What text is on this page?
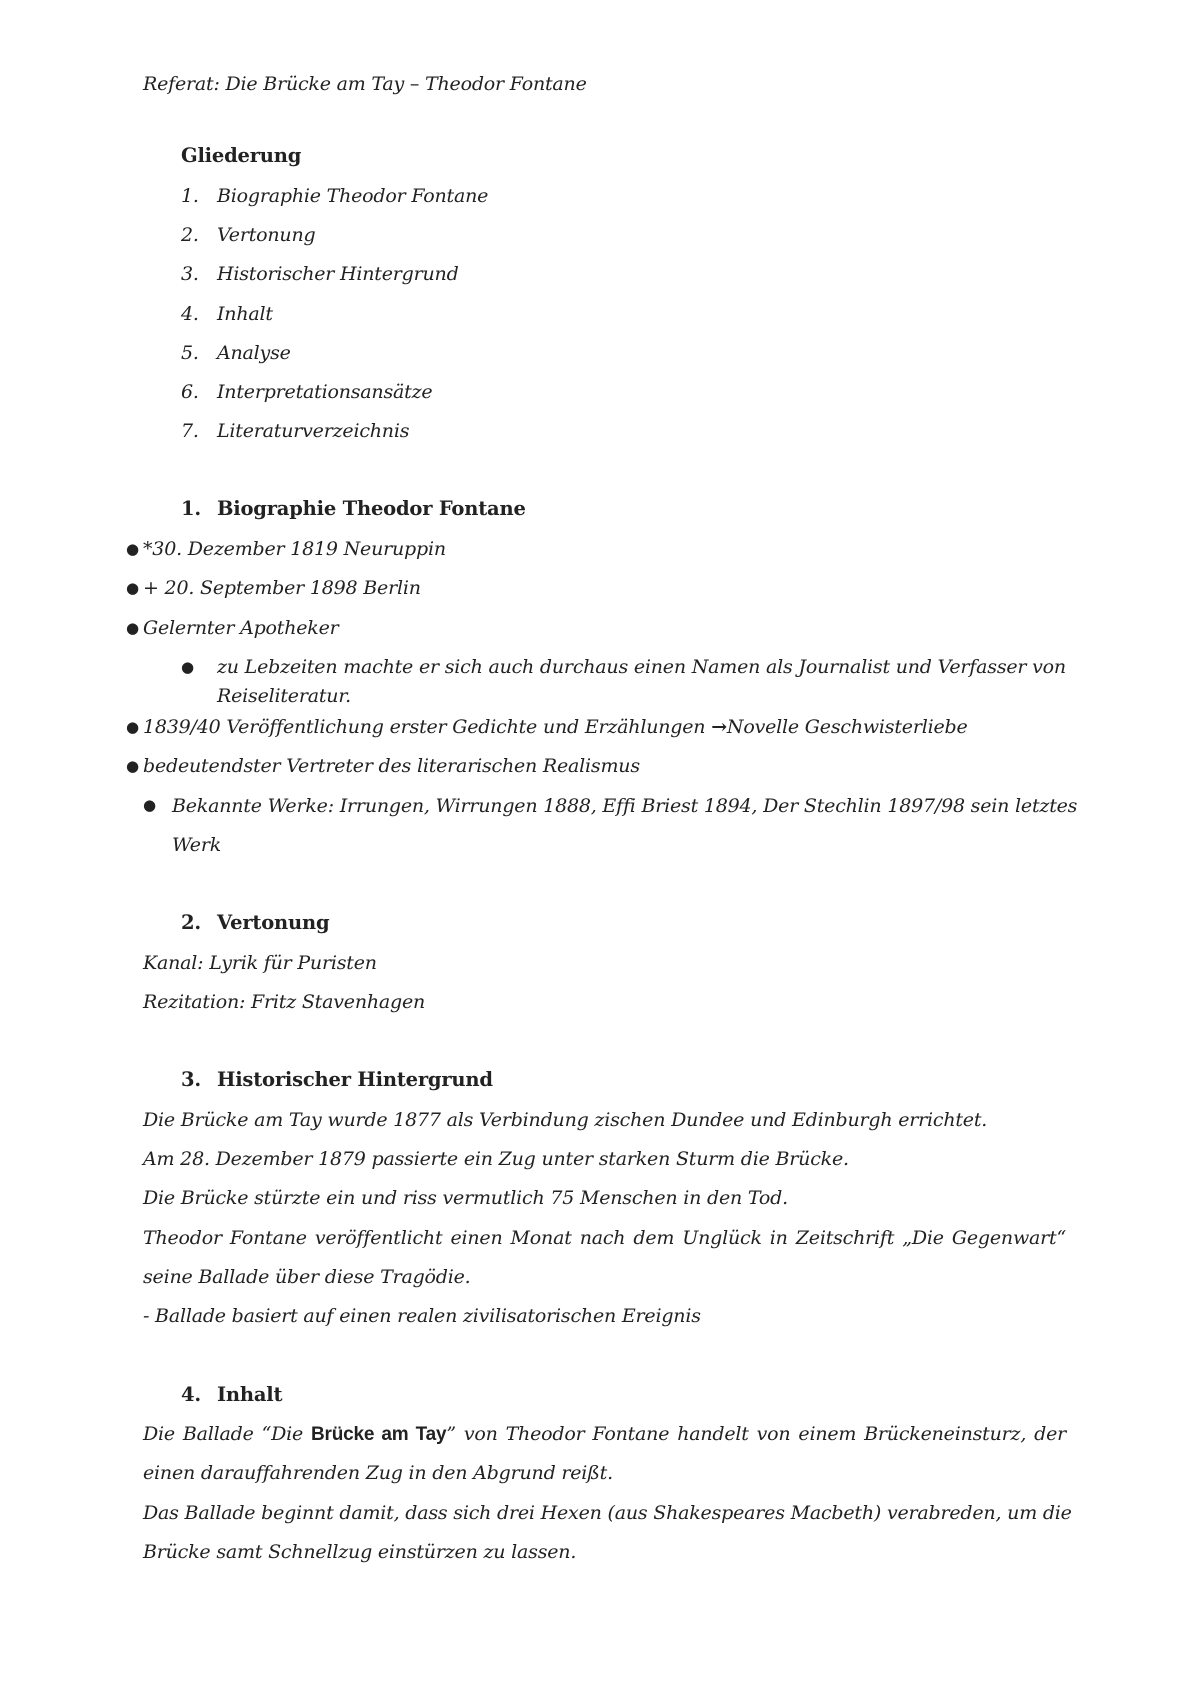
Referat: Die Brücke am Tay – Theodor Fontane
Gliederung
1. Biographie Theodor Fontane
2. Vertonung
3. Historischer Hintergrund
4. Inhalt
5. Analyse
6. Interpretationsansätze
7. Literaturverzeichnis
1. Biographie Theodor Fontane
● *30. Dezember 1819 Neuruppin
● + 20. September 1898 Berlin
● Gelernter Apotheker
● zu Lebzeiten machte er sich auch durchaus einen Namen als Journalist und Verfasser von
Reiseliteratur.
● 1839/40 Veröffentlichung erster Gedichte und Erzählungen →Novelle Geschwisterliebe
● bedeutendster Vertreter des literarischen Realismus
● Bekannte Werke: Irrungen, Wirrungen 1888, Effi Briest 1894, Der Stechlin 1897/98 sein letztes
Werk
2. Vertonung
Kanal: Lyrik für Puristen
Rezitation: Fritz Stavenhagen
3. Historischer Hintergrund
Die Brücke am Tay wurde 1877 als Verbindung zischen Dundee und Edinburgh errichtet.
Am 28. Dezember 1879 passierte ein Zug unter starken Sturm die Brücke.
Die Brücke stürzte ein und riss vermutlich 75 Menschen in den Tod.
Theodor Fontane veröffentlicht einen Monat nach dem Unglück in Zeitschrift „Die Gegenwart“
seine Ballade über diese Tragödie.
- Ballade basiert auf einen realen zivilisatorischen Ereignis
4. Inhalt
Die Ballade “Die Brücke am Tay” von Theodor Fontane handelt von einem Brückeneinsturz, der
einen darauffahrenden Zug in den Abgrund reißt.
Das Ballade beginnt damit, dass sich drei Hexen (aus Shakespeares Macbeth) verabreden, um die
Brücke samt Schnellzug einstürzen zu lassen.
